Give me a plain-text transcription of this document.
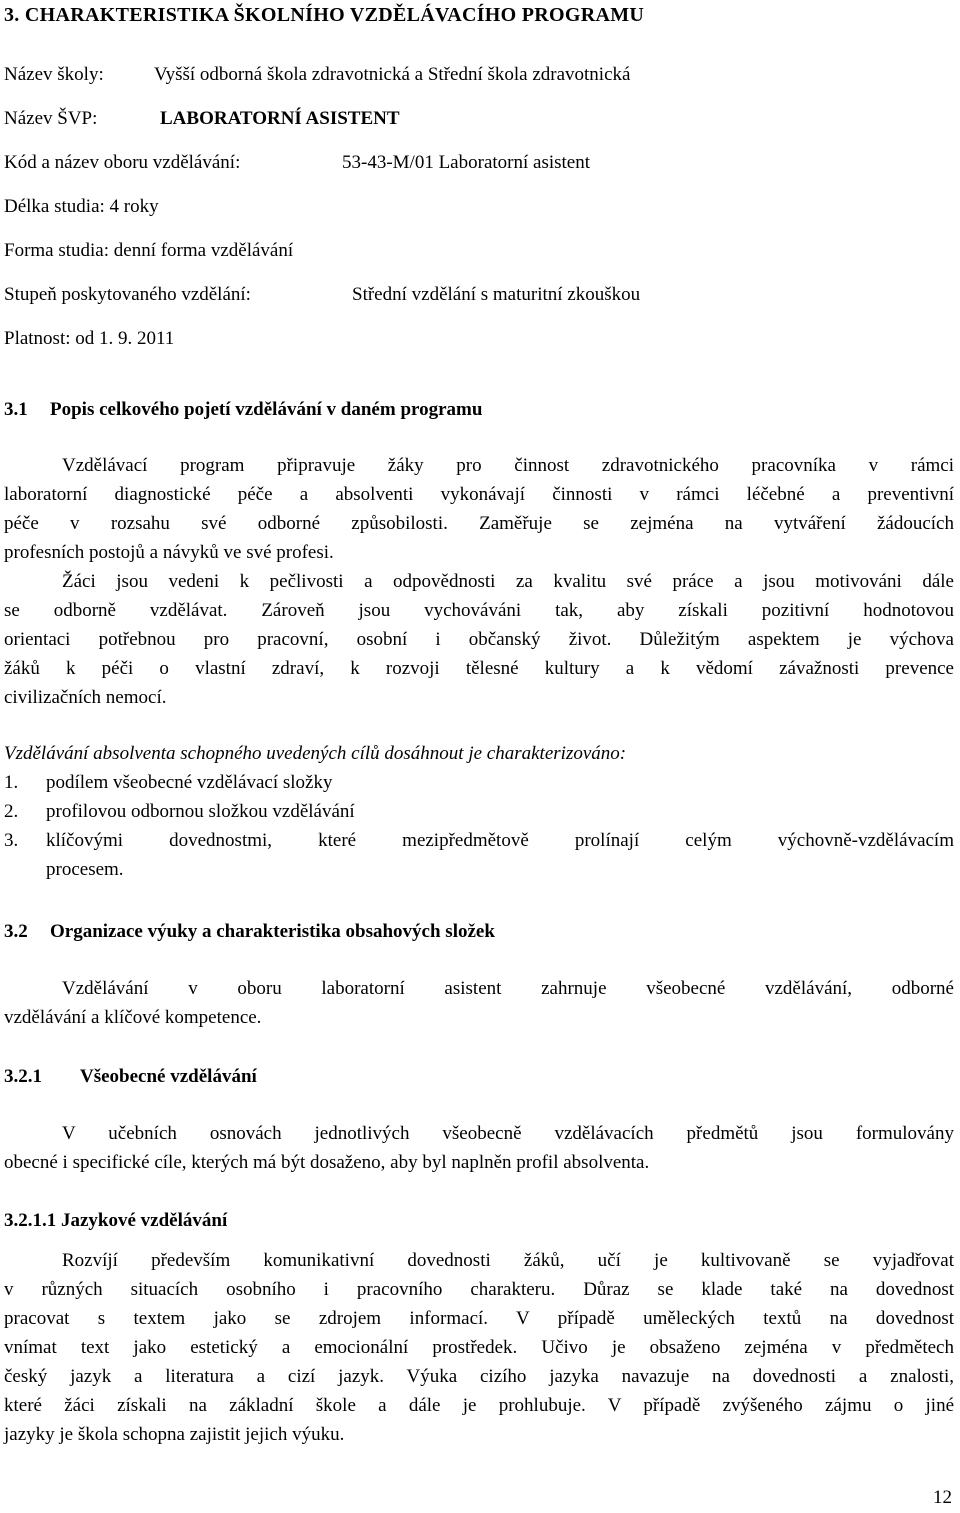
3. CHARAKTERISTIKA ŠKOLNÍHO VZDĚLÁVACÍHO PROGRAMU
Název školy:	Vyšší odborná škola zdravotnická a Střední škola zdravotnická
Název ŠVP:	LABORATORNÍ ASISTENT
Kód a název oboru vzdělávání:	53-43-M/01 Laboratorní asistent
Délka studia: 4 roky
Forma studia: denní forma vzdělávání
Stupeň poskytovaného vzdělání:	Střední vzdělání s maturitní zkouškou
Platnost: od 1. 9. 2011
3.1 Popis celkového pojetí vzdělávání v daném programu
Vzdělávací program připravuje žáky pro činnost zdravotnického pracovníka v rámci
laboratorní diagnostické péče a absolventi vykonávají činnosti v rámci léčebné a preventivní
péče v rozsahu své odborné způsobilosti. Zaměřuje se zejména na vytváření žádoucích
profesních postojů a návyků ve své profesi.
Žáci jsou vedeni k pečlivosti a odpovědnosti za kvalitu své práce a jsou motivováni dále
se odborně vzdělávat. Zároveň jsou vychováváni tak, aby získali pozitivní hodnotovou
orientaci potřebnou pro pracovní, osobní i občanský život. Důležitým aspektem je výchova
žáků k péči o vlastní zdraví, k rozvoji tělesné kultury a k vědomí závažnosti prevence
civilizačních nemocí.
Vzdělávání absolventa schopného uvedených cílů dosáhnout je charakterizováno:
1. podílem všeobecné vzdělávací složky
2. profilovou odbornou složkou vzdělávání
3. klíčovými dovednostmi, které mezipředmětově prolínají celým výchovně-vzdělávacím
procesem.
3.2 Organizace výuky a charakteristika obsahových složek
Vzdělávání v oboru laboratorní asistent zahrnuje všeobecné vzdělávání, odborné
vzdělávání a klíčové kompetence.
3.2.1 Všeobecné vzdělávání
V učebních osnovách jednotlivých všeobecně vzdělávacích předmětů jsou formulovány
obecné i specifické cíle, kterých má být dosaženo, aby byl naplněn profil absolventa.
3.2.1.1 Jazykové vzdělávání
Rozvíjí především komunikativní dovednosti žáků, učí je kultivovaně se vyjadřovat
v různých situacích osobního i pracovního charakteru. Důraz se klade také na dovednost
pracovat s textem jako se zdrojem informací. V případě uměleckých textů na dovednost
vnímat text jako estetický a emocionální prostředek. Učivo je obsaženo zejména v předmětech
český jazyk a literatura a cizí jazyk. Výuka cizího jazyka navazuje na dovednosti a znalosti,
které žáci získali na základní škole a dále je prohlubuje. V případě zvýšeného zájmu o jiné
jazyky je škola schopna zajistit jejich výuku.
12
